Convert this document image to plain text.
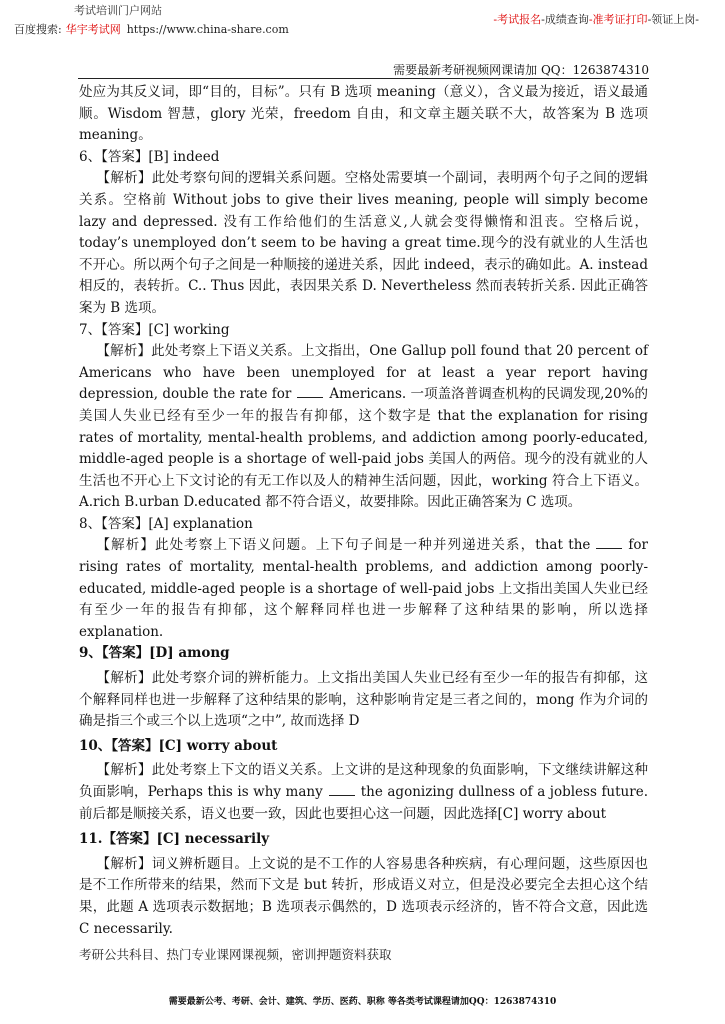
考试培训门户网站
百度搜索: 华宇考试网 https://www.china-share.com
-考试报名-成绩查询-准考证打印-领证上岗-
需要最新考研视频网课请加 QQ：1263874310

处应为其反义词，即“目的，目标”。只有 B 选项 meaning（意义），含义最为接近，语义最通顺。Wisdom 智慧，glory 光荣，freedom 自由，和文章主题关联不大，故答案为 B 选项 meaning。

6、【答案】[B] indeed

【解析】此处考察句间的逻辑关系问题。空格处需要填一个副词，表明两个句子之间的逻辑关系。空格前 Without jobs to give their lives meaning, people will simply become lazy and depressed. 没有工作给他们的生活意义,人就会变得懒惰和沮丧。空格后说，today’s unemployed don’t seem to be having a great time.现今的没有就业的人生活也不开心。所以两个句子之间是一种顺接的递进关系，因此 indeed，表示的确如此。A. instead 相反的，表转折。C.. Thus 因此，表因果关系 D. Nevertheless 然而表转折关系. 因此正确答案为 B 选项。

7、【答案】[C] working

【解析】此处考察上下语义关系。上文指出，One Gallup poll found that 20 percent of Americans who have been unemployed for at least a year report having depression, double the rate for	Americans. 一项盖洛普调查机构的民调发现,20%的美国人失业已经有至少一年的报告有抑郁，这个数字是 that the explanation for rising rates of mortality, mental-health problems, and addiction among poorly-educated, middle-aged people is a shortage of well-paid jobs 美国人的两倍。现今的没有就业的人生活也不开心上下文讨论的有无工作以及人的精神生活问题，因此，working 符合上下语义。A.rich B.urban D.educated 都不符合语义，故要排除。因此正确答案为 C 选项。

8、【答案】[A] explanation

【解析】此处考察上下语义问题。上下句子间是一种并列递进关系，that the	for rising rates of mortality, mental-health problems, and addiction among poorly-educated, middle-aged people is a shortage of well-paid jobs 上文指出美国人失业已经有至少一年的报告有抑郁，这个解释同样也进一步解释了这种结果的影响，所以选择 explanation.

9、【答案】[D] among

【解析】此处考察介词的辨析能力。上文指出美国人失业已经有至少一年的报告有抑郁，这个解释同样也进一步解释了这种结果的影响，这种影响肯定是三者之间的，mong 作为介词的确是指三个或三个以上选项“之中”, 故而选择 D

10、【答案】[C] worry about

【解析】此处考察上下文的语义关系。上文讲的是这种现象的负面影响，下文继续讲解这种负面影响，Perhaps this is why many	the agonizing dullness of a jobless future. 前后都是顺接关系，语义也要一致，因此也要担心这一问题，因此选择[C] worry about

11.【答案】[C] necessarily

【解析】词义辨析题目。上文说的是不工作的人容易患各种疾病，有心理问题，这些原因也是不工作所带来的结果，然而下文是 but 转折，形成语义对立，但是没必要完全去担心这个结果，此题 A 选项表示数据地；B 选项表示偶然的，D 选项表示经济的，皆不符合文意，因此选 C necessarily.

考研公共科目、热门专业课网课视频，密训押题资料获取
需要最新公考、考研、会计、建筑、学历、医药、职称 等各类考试课程请加QQ：1263874310
